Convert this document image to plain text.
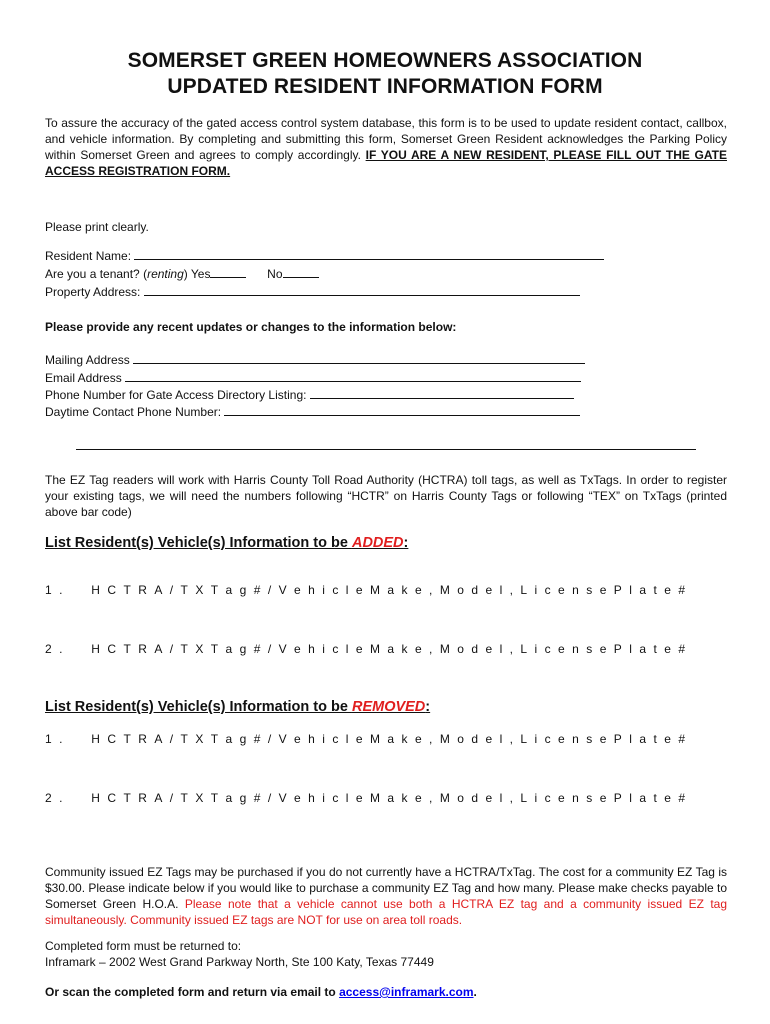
SOMERSET GREEN HOMEOWNERS ASSOCIATION
UPDATED RESIDENT INFORMATION FORM
To assure the accuracy of the gated access control system database, this form is to be used to update resident contact, callbox, and vehicle information. By completing and submitting this form, Somerset Green Resident acknowledges the Parking Policy within Somerset Green and agrees to comply accordingly. IF YOU ARE A NEW RESIDENT, PLEASE FILL OUT THE GATE ACCESS REGISTRATION FORM.
Please print clearly.
Resident Name:
Are you a tenant? (renting) Yes	No
Property Address:
Please provide any recent updates or changes to the information below:
Mailing Address
Email Address
Phone Number for Gate Access Directory Listing:
Daytime Contact Phone Number:
The EZ Tag readers will work with Harris County Toll Road Authority (HCTRA) toll tags, as well as TxTags. In order to register your existing tags, we will need the numbers following “HCTR” on Harris County Tags or following “TEX” on TxTags (printed above bar code)
List Resident(s) Vehicle(s) Information to be ADDED:
1 . H C T R A / T X T a g # / V e h i c l e M a k e , M o d e l , L i c e n s e P l a t e #
2 . H C T R A / T X T a g # / V e h i c l e M a k e , M o d e l , L i c e n s e P l a t e #
List Resident(s) Vehicle(s) Information to be REMOVED:
1 . H C T R A / T X T a g # / V e h i c l e M a k e , M o d e l , L i c e n s e P l a t e #
2 . H C T R A / T X T a g # / V e h i c l e M a k e , M o d e l , L i c e n s e P l a t e #
Community issued EZ Tags may be purchased if you do not currently have a HCTRA/TxTag. The cost for a community EZ Tag is $30.00. Please indicate below if you would like to purchase a community EZ Tag and how many. Please make checks payable to Somerset Green H.O.A. Please note that a vehicle cannot use both a HCTRA EZ tag and a community issued EZ tag simultaneously. Community issued EZ tags are NOT for use on area toll roads.
Completed form must be returned to:
Inframark – 2002 West Grand Parkway North, Ste 100 Katy, Texas 77449
Or scan the completed form and return via email to access@inframark.com.
